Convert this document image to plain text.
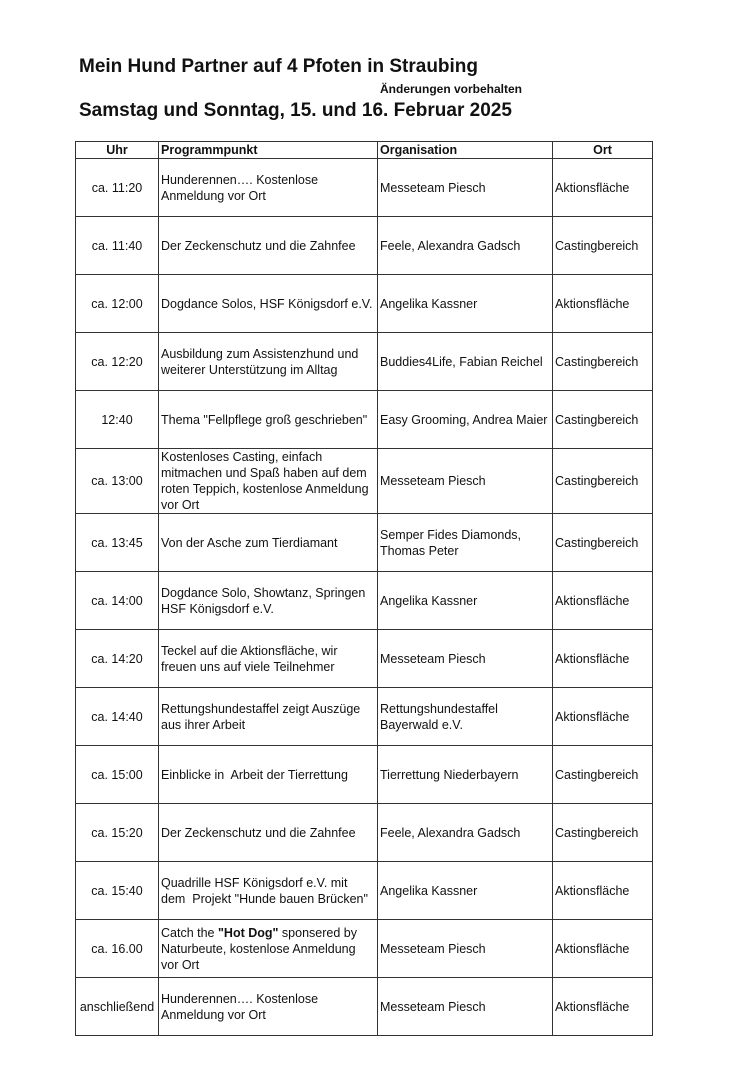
Mein Hund Partner auf 4 Pfoten in Straubing
Änderungen vorbehalten
Samstag und Sonntag, 15. und 16. Februar 2025
Uhr	Programmpunkt	Organisation	Ort
ca. 11:20	Hunderennen…. Kostenlose Anmeldung vor Ort	Messeteam Piesch	Aktionsfläche
ca. 11:40	Der Zeckenschutz und die Zahnfee	Feele, Alexandra Gadsch	Castingbereich
ca. 12:00	Dogdance Solos, HSF Königsdorf e.V.	Angelika Kassner	Aktionsfläche
ca. 12:20	Ausbildung zum Assistenzhund und weiterer Unterstützung im Alltag	Buddies4Life, Fabian Reichel	Castingbereich
12:40	Thema "Fellpflege groß geschrieben"	Easy Grooming, Andrea Maier	Castingbereich
ca. 13:00	Kostenloses Casting, einfach mitmachen und Spaß haben auf dem roten Teppich, kostenlose Anmeldung vor Ort	Messeteam Piesch	Castingbereich
ca. 13:45	Von der Asche zum Tierdiamant	Semper Fides Diamonds, Thomas Peter	Castingbereich
ca. 14:00	Dogdance Solo, Showtanz, Springen HSF Königsdorf e.V.	Angelika Kassner	Aktionsfläche
ca. 14:20	Teckel auf die Aktionsfläche, wir freuen uns auf viele Teilnehmer	Messeteam Piesch	Aktionsfläche
ca. 14:40	Rettungshundestaffel zeigt Auszüge aus ihrer Arbeit	Rettungshundestaffel Bayerwald e.V.	Aktionsfläche
ca. 15:00	Einblicke in  Arbeit der Tierrettung	Tierrettung Niederbayern	Castingbereich
ca. 15:20	Der Zeckenschutz und die Zahnfee	Feele, Alexandra Gadsch	Castingbereich
ca. 15:40	Quadrille HSF Königsdorf e.V. mit dem  Projekt "Hunde bauen Brücken"	Angelika Kassner	Aktionsfläche
ca. 16.00	Catch the "Hot Dog" sponsered by Naturbeute, kostenlose Anmeldung vor Ort	Messeteam Piesch	Aktionsfläche
anschließend	Hunderennen…. Kostenlose Anmeldung vor Ort	Messeteam Piesch	Aktionsfläche
